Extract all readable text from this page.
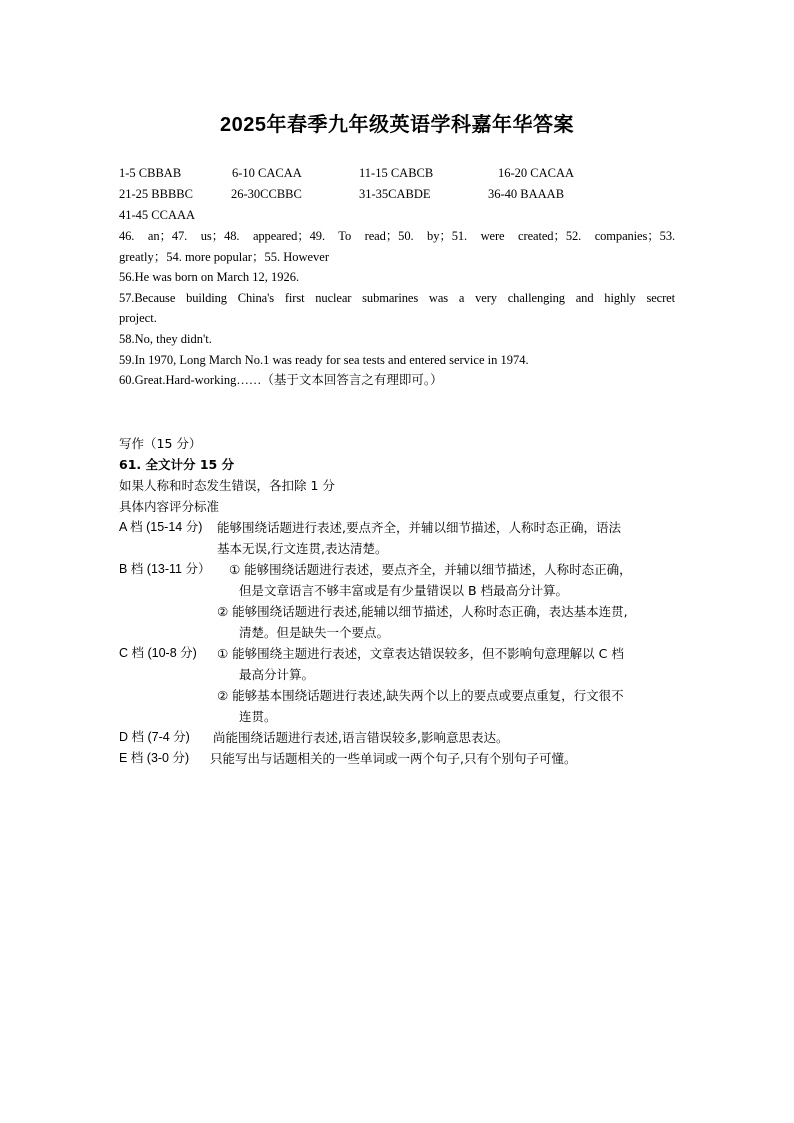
2025年春季九年级英语学科嘉年华答案
1-5 CBBAB	6-10 CACAA	11-15 CABCB	16-20 CACAA
21-25 BBBBC	26-30CCBBC	31-35CABDE	36-40 BAAAB
41-45 CCAAA
46. an；47. us；48. appeared；49. To read；50. by；51. were created；52. companies；53.
greatly；54. more popular；55. However
56.He was born on March 12, 1926.
57.Because building China's first nuclear submarines was a very challenging and highly secret
project.
58.No, they didn't.
59.In 1970, Long March No.1 was ready for sea tests and entered service in 1974.
60.Great.Hard-working……（基于文本回答言之有理即可。）
写作（15 分）
61. 全文计分 15 分
如果人称和时态发生错误，各扣除 1 分
具体内容评分标准
A 档 (15-14 分) 能够围绕话题进行表述,要点齐全，并辅以细节描述，人称时态正确，语法
基本无误,行文连贯,表达清楚。
B 档 (13-11 分） ① 能够围绕话题进行表述，要点齐全，并辅以细节描述，人称时态正确，
但是文章语言不够丰富或是有少量错误以 B 档最高分计算。
② 能够围绕话题进行表述,能辅以细节描述，人称时态正确，表达基本连贯,
清楚。但是缺失一个要点。
C 档 (10-8 分) ① 能够围绕主题进行表述，文章表达错误较多，但不影响句意理解以 C 档
最高分计算。
② 能够基本围绕话题进行表述,缺失两个以上的要点或要点重复，行文很不
连贯。
D 档 (7-4 分) 尚能围绕话题进行表述,语言错误较多,影响意思表达。
E 档 (3-0 分) 只能写出与话题相关的一些单词或一两个句子,只有个别句子可懂。
